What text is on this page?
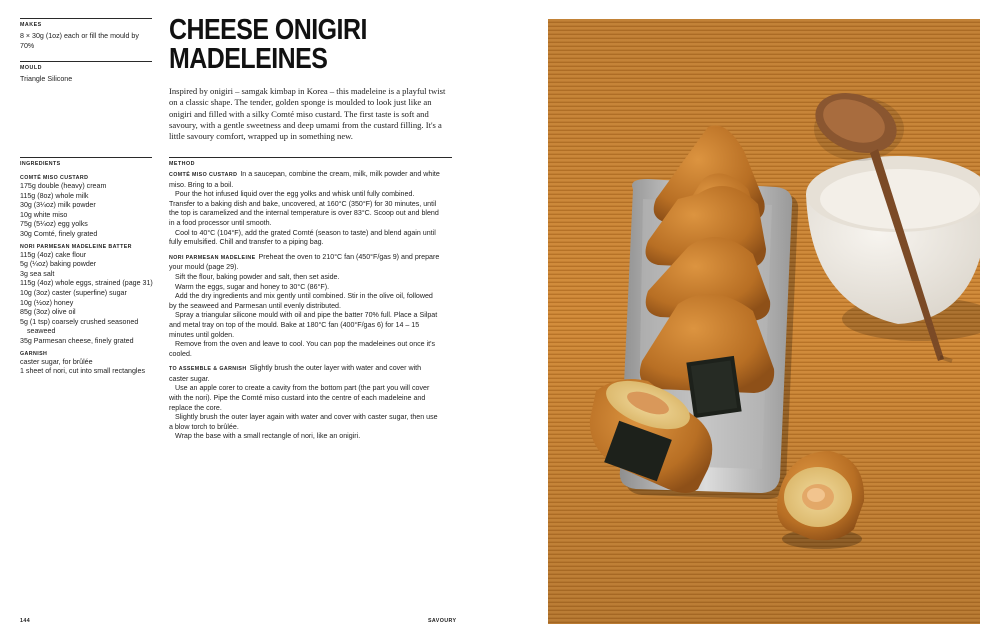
MAKES
8 × 30g (1oz) each or fill the mould by 70%
MOULD
Triangle Silicone
CHEESE ONIGIRI
MADELEINES
Inspired by onigiri – samgak kimbap in Korea – this madeleine is a playful twist on a classic shape. The tender, golden sponge is moulded to look just like an onigiri and filled with a silky Comté miso custard. The first taste is soft and savoury, with a gentle sweetness and deep umami from the custard filling. It's a little savoury comfort, wrapped up in something new.
INGREDIENTS
COMTÉ MISO CUSTARD
175g double (heavy) cream
115g (8oz) whole milk
30g (3¼oz) milk powder
10g white miso
75g (5¼oz) egg yolks
30g Comté, finely grated
NORI PARMESAN MADELEINE BATTER
115g (4oz) cake flour
5g (¼oz) baking powder
3g sea salt
115g (4oz) whole eggs, strained (page 31)
10g (3oz) caster (superfine) sugar
10g (½oz) honey
85g (3oz) olive oil
5g (1 tsp) coarsely crushed seasoned seaweed
35g Parmesan cheese, finely grated
GARNISH
caster sugar, for brûlée
1 sheet of nori, cut into small rectangles
METHOD
COMTÉ MISO CUSTARD In a saucepan, combine the cream, milk, milk powder and white miso. Bring to a boil.
Pour the hot infused liquid over the egg yolks and whisk until fully combined. Transfer to a baking dish and bake, uncovered, at 160°C (350°F) for 30 minutes, until the top is caramelized and the internal temperature is over 83°C. Scoop out and blend in a food processor until smooth.
Cool to 40°C (104°F), add the grated Comté (season to taste) and blend again until fully emulsified. Chill and transfer to a piping bag.
NORI PARMESAN MADELEINE Preheat the oven to 210°C fan (450°F/gas 9) and prepare your mould (page 29).
Sift the flour, baking powder and salt, then set aside.
Warm the eggs, sugar and honey to 30°C (86°F).
Add the dry ingredients and mix gently until combined. Stir in the olive oil, followed by the seaweed and Parmesan until evenly distributed.
Spray a triangular silicone mould with oil and pipe the batter 70% full. Place a Silpat and metal tray on top of the mould. Bake at 180°C fan (400°F/gas 6) for 14 – 15 minutes until golden.
Remove from the oven and leave to cool. You can pop the madeleines out once it's cooled.
TO ASSEMBLE & GARNISH Slightly brush the outer layer with water and cover with caster sugar.
Use an apple corer to create a cavity from the bottom part (the part you will cover with the nori). Pipe the Comté miso custard into the centre of each madeleine and replace the core.
Slightly brush the outer layer again with water and cover with caster sugar, then use a blow torch to brûlée.
Wrap the base with a small rectangle of nori, like an onigiri.
144	SAVOURY
